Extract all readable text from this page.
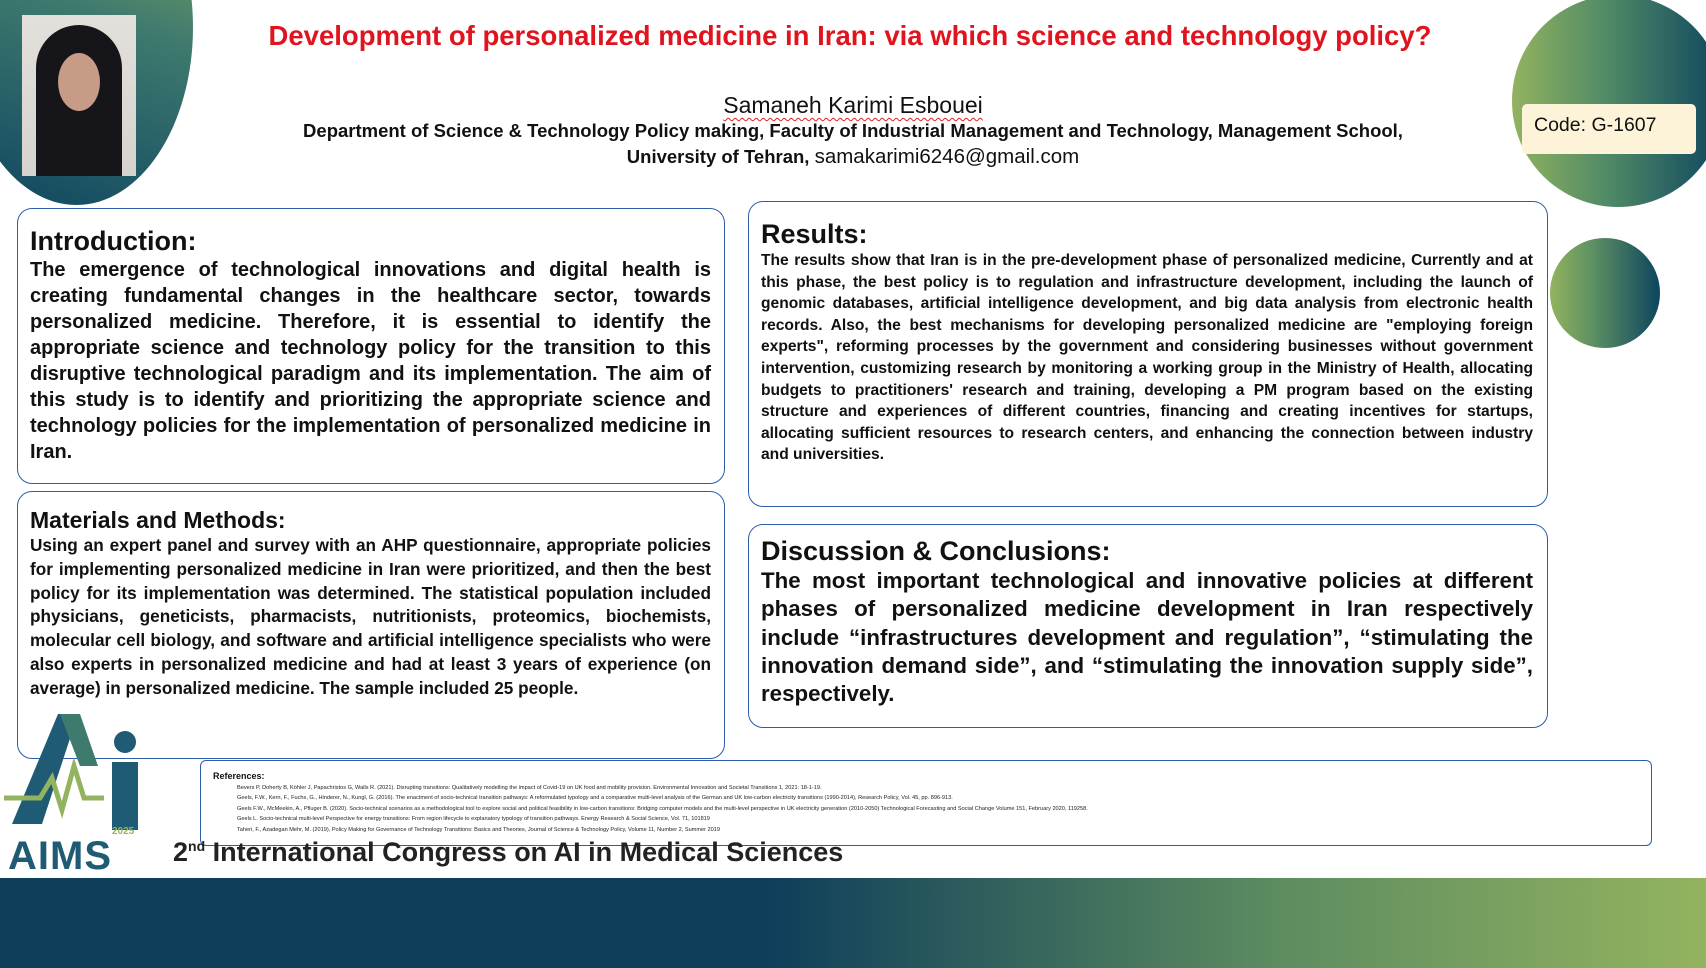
Development of personalized medicine in Iran: via which science and technology policy?
Samaneh Karimi Esbouei
Department of Science & Technology Policy making, Faculty of Industrial Management and Technology, Management School,
University of Tehran, samakarimi6246@gmail.com
Code: G-1607
Introduction:

The emergence of technological innovations and digital health is creating fundamental changes in the healthcare sector, towards personalized medicine. Therefore, it is essential to identify the appropriate science and technology policy for the transition to this disruptive technological paradigm and its implementation. The aim of this study is to identify and prioritizing the appropriate science and technology policies for the implementation of personalized medicine in Iran.

Materials and Methods:

Using an expert panel and survey with an AHP questionnaire, appropriate policies for implementing personalized medicine in Iran were prioritized, and then the best policy for its implementation was determined. The statistical population included physicians, geneticists, pharmacists, nutritionists, proteomics, biochemists, molecular cell biology, and software and artificial intelligence specialists who were also experts in personalized medicine and had at least 3 years of experience (on average) in personalized medicine. The sample included 25 people.

Results:

The results show that Iran is in the pre-development phase of personalized medicine, Currently and at this phase, the best policy is to regulation and infrastructure development, including the launch of genomic databases, artificial intelligence development, and big data analysis from electronic health records. Also, the best mechanisms for developing personalized medicine are "employing foreign experts", reforming processes by the government and considering businesses without government intervention, customizing research by monitoring a working group in the Ministry of Health, allocating budgets to practitioners' research and training, developing a PM program based on the existing structure and experiences of different countries, financing and creating incentives for startups, allocating sufficient resources to research centers, and enhancing the connection between industry and universities.

Discussion & Conclusions:

The most important technological and innovative policies at different phases of personalized medicine development in Iran respectively include “infrastructures development and regulation”, “stimulating the innovation demand side”, and “stimulating the innovation supply side”, respectively.

References:
1. Bevers P, Doherty B, Köhler J, Papachristos G, Walls R. (2021). Disrupting transitions: Qualitatively modelling the impact of Covid-19 on UK food and mobility provision. Environmental Innovation and Societal Transitions 1, 2021: 18-1-19.
2. Geels, F.W., Kern, F., Fuchs, G., Hinderer, N., Kungl, G. (2016). The enactment of socio-technical transition pathways: A reformulated typology and a comparative multi-level analysis of the German and UK low-carbon electricity transitions (1990-2014), Research Policy, Vol. 45, pp. 896-913.
3. Geels F.W., McMeekin, A., Pfluger B. (2020). Socio-technical scenarios as a methodological tool to explore social and political feasibility in low-carbon transitions: Bridging computer models and the multi-level perspective in UK electricity generation (2010-2050) Technological Forecasting and Social Change Volume 151, February 2020, 119258.
4. Geels L. Socio-technical multi-level Perspective for energy transitions: From region lifecycle to explanatory typology of transition pathways. Energy Research & Social Science, Vol. 71, 101819
5. Taheri, F., Azadegan Mehr, M. (2019), Policy Making for Governance of Technology Transitions: Basics and Theories, Journal of Science & Technology Policy, Volume 11, Number 2, Summer 2019
2025
AIMS 2nd International Congress on AI in Medical Sciences
